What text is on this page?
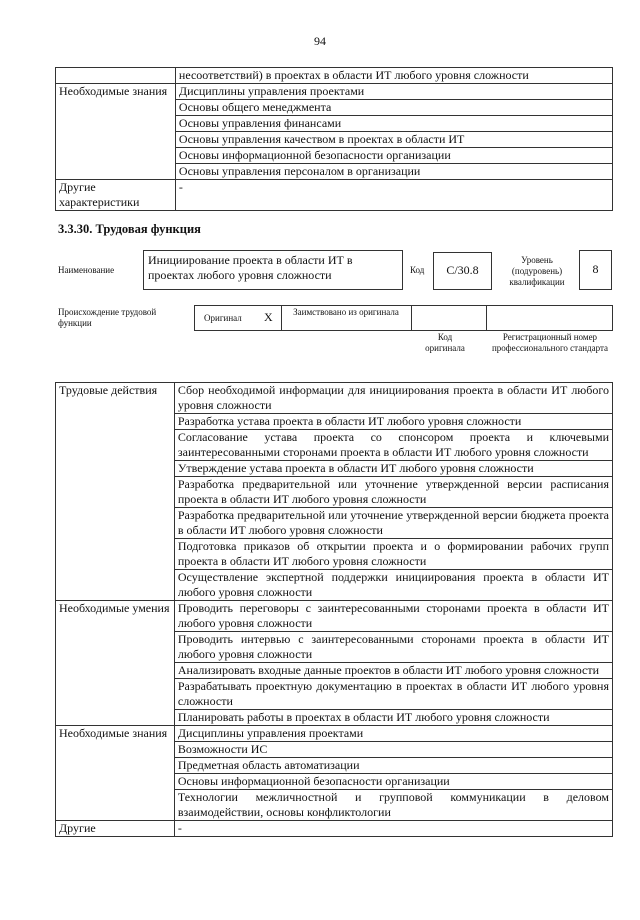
94
	несоответствий) в проектах в области ИТ любого уровня сложности
Необходимые знания	Дисциплины управления проектами
	Основы общего менеджмента
	Основы управления финансами
	Основы управления качеством в проектах в области ИТ
	Основы информационной безопасности организации
	Основы управления персоналом в организации
Другие характеристики	-
3.3.30. Трудовая функция
Наименование
Инициирование проекта в области ИТ в проектах любого уровня сложности	Код	C/30.8
Уровень (подуровень) квалификации
8
Происхождение трудовой функции	Оригинал X	Заимствовано из оригинала
Код оригинала
Регистрационный номер профессионального стандарта
Трудовые действия	Сбор необходимой информации для инициирования проекта в области ИТ любого уровня сложности
	Разработка устава проекта в области ИТ любого уровня сложности
	Согласование устава проекта со спонсором проекта и ключевыми заинтересованными сторонами проекта в области ИТ любого уровня сложности
	Утверждение устава проекта в области ИТ любого уровня сложности
	Разработка предварительной или уточнение утвержденной версии расписания проекта в области ИТ любого уровня сложности
	Разработка предварительной или уточнение утвержденной версии бюджета проекта в области ИТ любого уровня сложности
	Подготовка приказов об открытии проекта и о формировании рабочих групп проекта в области ИТ любого уровня сложности
	Осуществление экспертной поддержки инициирования проекта в области ИТ любого уровня сложности
Необходимые умения	Проводить переговоры с заинтересованными сторонами проекта в области ИТ любого уровня сложности
	Проводить интервью с заинтересованными сторонами проекта в области ИТ любого уровня сложности
	Анализировать входные данные проектов в области ИТ любого уровня сложности
	Разрабатывать проектную документацию в проектах в области ИТ любого уровня сложности
	Планировать работы в проектах в области ИТ любого уровня сложности
Необходимые знания	Дисциплины управления проектами
	Возможности ИС
	Предметная область автоматизации
	Основы информационной безопасности организации
	Технологии межличностной и групповой коммуникации в деловом взаимодействии, основы конфликтологии
Другие	-
